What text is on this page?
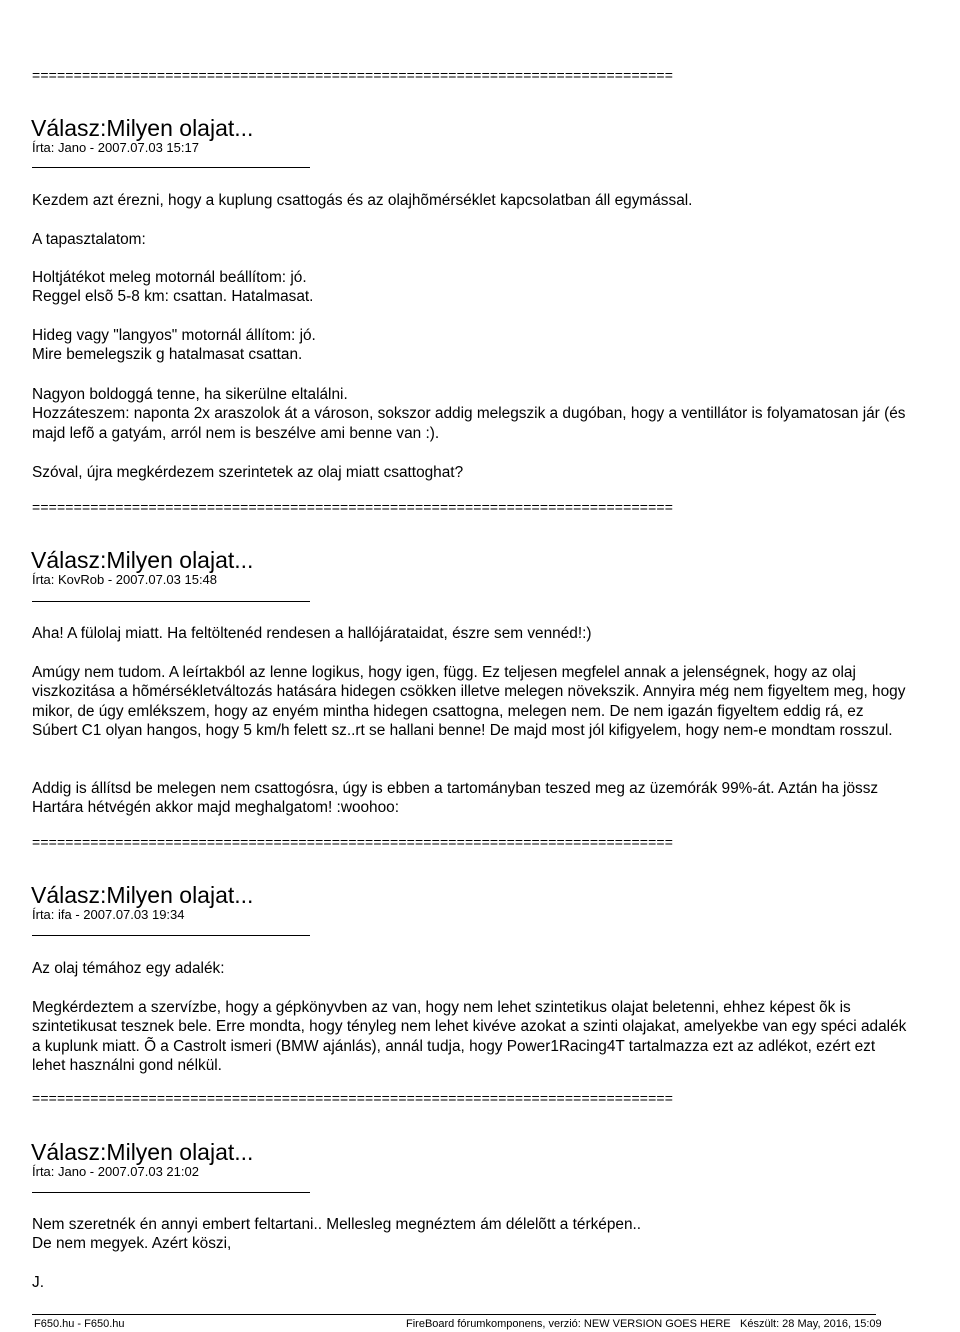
=============================================================================
=============================================================================
=============================================================================
=============================================================================
Válasz:Milyen olajat...
Írta: Jano - 2007.07.03 15:17
Kezdem azt érezni, hogy a kuplung csattogás és az olajhõmérséklet kapcsolatban áll egymással.
A tapasztalatom:
Holtjátékot meleg motornál beállítom: jó.
Reggel elsõ 5-8 km: csattan. Hatalmasat.
Hideg vagy "langyos" motornál állítom: jó.
Mire bemelegszik g hatalmasat csattan.
Nagyon boldoggá tenne, ha sikerülne eltalálni.
Hozzáteszem: naponta 2x araszolok át a városon, sokszor addig melegszik a dugóban, hogy a ventillátor is folyamatosan jár (és majd lefõ a gatyám, arról nem is beszélve ami benne van :).
Szóval, újra megkérdezem szerintetek az olaj miatt csattoghat?
Válasz:Milyen olajat...
Írta: KovRob - 2007.07.03 15:48
Aha! A fülolaj miatt. Ha feltöltenéd rendesen a hallójárataidat, észre sem vennéd!:)
Amúgy nem tudom. A leírtakból az lenne logikus, hogy igen, függ. Ez teljesen megfelel annak a jelenségnek, hogy az olaj viszkozitása a hõmérsékletváltozás hatására hidegen csökken illetve melegen növekszik. Annyira még nem figyeltem meg, hogy mikor, de úgy emlékszem, hogy az enyém mintha hidegen csattogna, melegen nem. De nem igazán figyeltem eddig rá, ez Súbert C1 olyan hangos, hogy 5 km/h felett sz..rt se hallani benne! De majd most jól kifigyelem, hogy nem-e mondtam rosszul.
Addig is állítsd be melegen nem csattogósra, úgy is ebben a tartományban teszed meg az üzemórák 99%-át. Aztán ha jössz Hartára hétvégén akkor majd meghalgatom! :woohoo:
Válasz:Milyen olajat...
Írta: ifa - 2007.07.03 19:34
Az olaj témához egy adalék:
Megkérdeztem a szervízbe, hogy a gépkönyvben az van, hogy nem lehet szintetikus olajat beletenni, ehhez képest õk is szintetikusat tesznek bele. Erre mondta, hogy tényleg nem lehet kivéve azokat a szinti olajakat, amelyekbe van egy spéci adalék a kuplunk miatt. Õ a Castrolt ismeri (BMW ajánlás), annál tudja, hogy Power1Racing4T tartalmazza ezt az adlékot, ezért ezt lehet használni gond nélkül.
Válasz:Milyen olajat...
Írta: Jano - 2007.07.03 21:02
Nem szeretnék én annyi embert feltartani.. Mellesleg megnéztem ám délelõtt a térképen..
De nem megyek. Azért köszi,
J.
F650.hu - F650.hu	FireBoard fórumkomponens, verzió: NEW VERSION GOES HERE Készült: 28 May, 2016, 15:09
